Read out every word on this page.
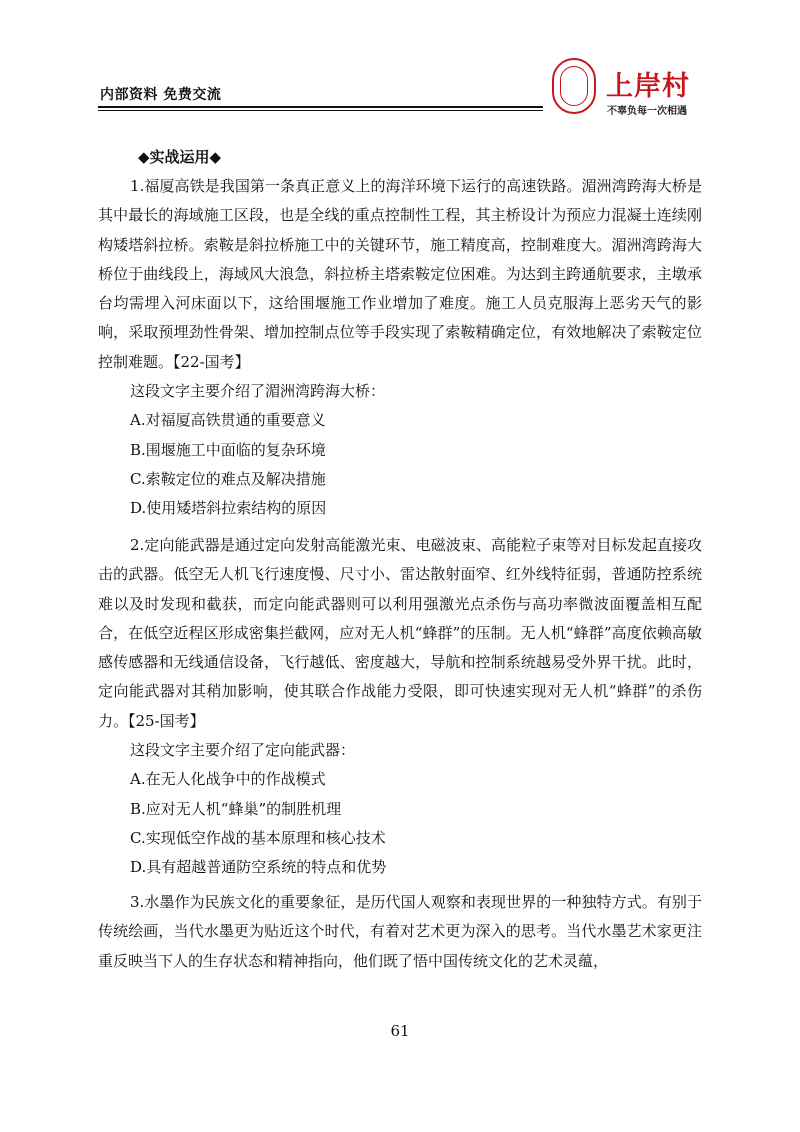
内部资料 免费交流	上岸村
不辜负每一次相遇
◆实战运用◆

1.福厦高铁是我国第一条真正意义上的海洋环境下运行的高速铁路。湄洲湾跨海大桥是其中最长的海域施工区段，也是全线的重点控制性工程，其主桥设计为预应力混凝土连续刚构矮塔斜拉桥。索鞍是斜拉桥施工中的关键环节，施工精度高，控制难度大。湄洲湾跨海大桥位于曲线段上，海域风大浪急，斜拉桥主塔索鞍定位困难。为达到主跨通航要求，主墩承台均需埋入河床面以下，这给围堰施工作业增加了难度。施工人员克服海上恶劣天气的影响，采取预埋劲性骨架、增加控制点位等手段实现了索鞍精确定位，有效地解决了索鞍定位控制难题。【22-国考】

这段文字主要介绍了湄洲湾跨海大桥：
A.对福厦高铁贯通的重要意义
B.围堰施工中面临的复杂环境
C.索鞍定位的难点及解决措施
D.使用矮塔斜拉索结构的原因

2.定向能武器是通过定向发射高能激光束、电磁波束、高能粒子束等对目标发起直接攻击的武器。低空无人机飞行速度慢、尺寸小、雷达散射面窄、红外线特征弱，普通防控系统难以及时发现和截获，而定向能武器则可以利用强激光点杀伤与高功率微波面覆盖相互配合，在低空近程区形成密集拦截网，应对无人机“蜂群”的压制。无人机“蜂群”高度依赖高敏感传感器和无线通信设备，飞行越低、密度越大，导航和控制系统越易受外界干扰。此时，定向能武器对其稍加影响，使其联合作战能力受限，即可快速实现对无人机“蜂群”的杀伤力。【25-国考】

这段文字主要介绍了定向能武器：
A.在无人化战争中的作战模式
B.应对无人机“蜂巢”的制胜机理
C.实现低空作战的基本原理和核心技术
D.具有超越普通防空系统的特点和优势

3.水墨作为民族文化的重要象征，是历代国人观察和表现世界的一种独特方式。有别于传统绘画，当代水墨更为贴近这个时代，有着对艺术更为深入的思考。当代水墨艺术家更注重反映当下人的生存状态和精神指向，他们既了悟中国传统文化的艺术灵蕴，

61
